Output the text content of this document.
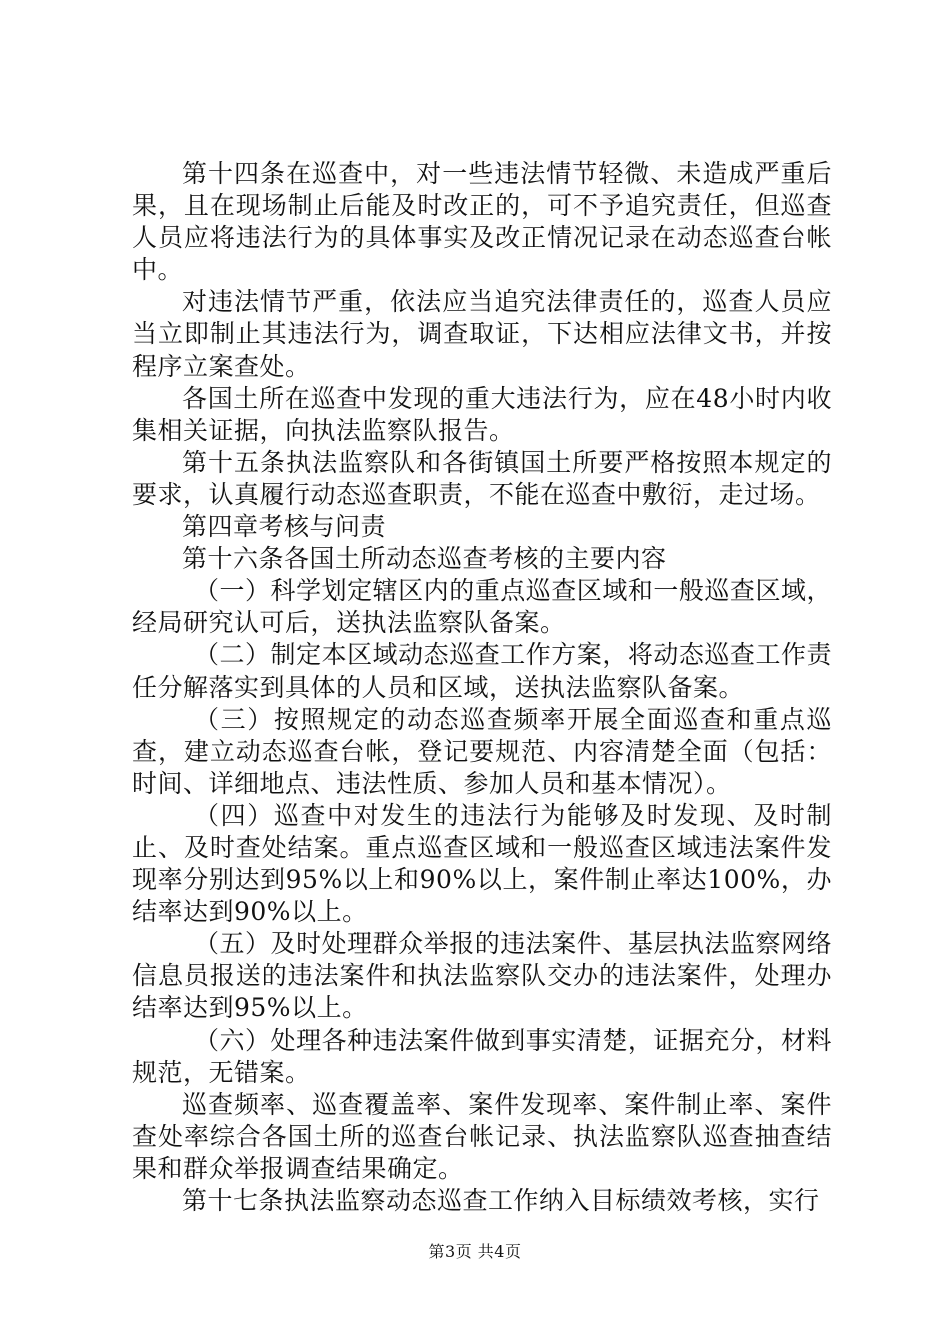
第十四条在巡查中，对一些违法情节轻微、未造成严重后果，且在现场制止后能及时改正的，可不予追究责任，但巡查人员应将违法行为的具体事实及改正情况记录在动态巡查台帐中。

对违法情节严重，依法应当追究法律责任的，巡查人员应当立即制止其违法行为，调查取证，下达相应法律文书，并按程序立案查处。

各国土所在巡查中发现的重大违法行为，应在48小时内收集相关证据，向执法监察队报告。

第十五条执法监察队和各街镇国土所要严格按照本规定的要求，认真履行动态巡查职责，不能在巡查中敷衍，走过场。

第四章考核与问责

第十六条各国土所动态巡查考核的主要内容

（一）科学划定辖区内的重点巡查区域和一般巡查区域，经局研究认可后，送执法监察队备案。

（二）制定本区域动态巡查工作方案，将动态巡查工作责任分解落实到具体的人员和区域，送执法监察队备案。

（三）按照规定的动态巡查频率开展全面巡查和重点巡查，建立动态巡查台帐，登记要规范、内容清楚全面（包括：时间、详细地点、违法性质、参加人员和基本情况）。

（四）巡查中对发生的违法行为能够及时发现、及时制止、及时查处结案。重点巡查区域和一般巡查区域违法案件发现率分别达到95%以上和90%以上，案件制止率达100%，办结率达到90%以上。

（五）及时处理群众举报的违法案件、基层执法监察网络信息员报送的违法案件和执法监察队交办的违法案件，处理办结率达到95%以上。

（六）处理各种违法案件做到事实清楚，证据充分，材料规范，无错案。

巡查频率、巡查覆盖率、案件发现率、案件制止率、案件查处率综合各国土所的巡查台帐记录、执法监察队巡查抽查结果和群众举报调查结果确定。

第十七条执法监察动态巡查工作纳入目标绩效考核，实行

第3页 共4页
